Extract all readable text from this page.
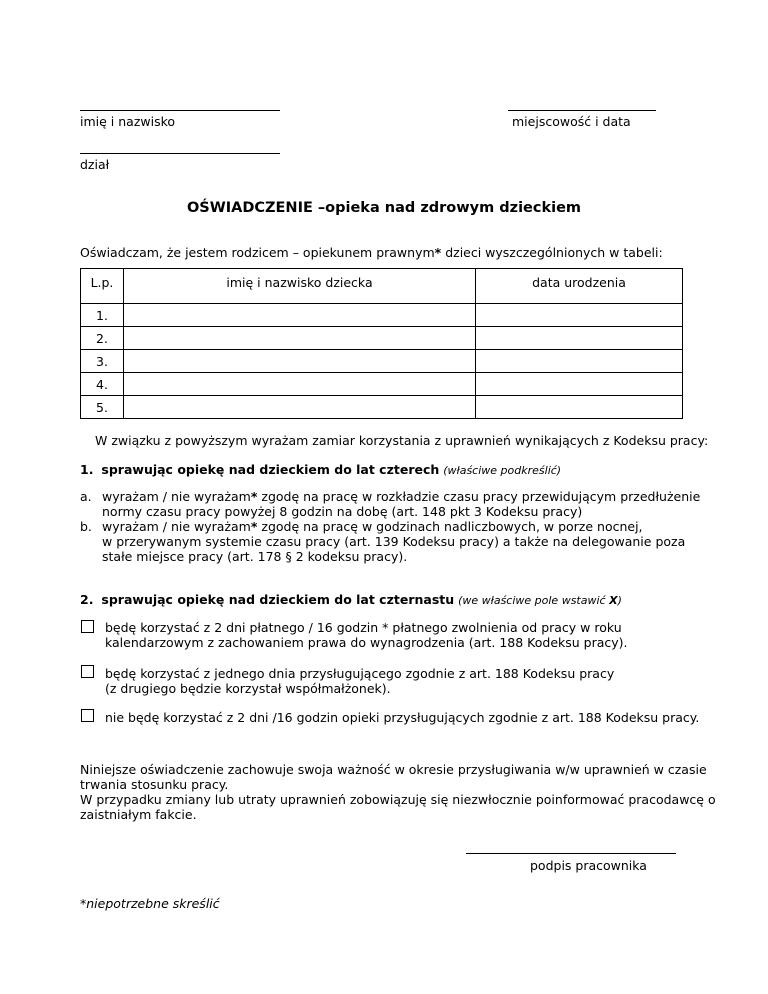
imię i nazwisko	miejscowość i data
dział
OŚWIADCZENIE –opieka nad zdrowym dzieckiem
Oświadczam, że jestem rodzicem – opiekunem prawnym* dzieci wyszczególnionych w tabeli:
L.p.	imię i nazwisko dziecka	data urodzenia
1.		
2.		
3.		
4.		
5.		
W związku z powyższym wyrażam zamiar korzystania z uprawnień wynikających z Kodeksu pracy:
1. sprawując opiekę nad dzieckiem do lat czterech (właściwe podkreślić)
a. wyrażam / nie wyrażam* zgodę na pracę w rozkładzie czasu pracy przewidującym przedłużenie
normy czasu pracy powyżej 8 godzin na dobę (art. 148 pkt 3 Kodeksu pracy)
b. wyrażam / nie wyrażam* zgodę na pracę w godzinach nadliczbowych, w porze nocnej,
w przerywanym systemie czasu pracy (art. 139 Kodeksu pracy) a także na delegowanie poza
stałe miejsce pracy (art. 178 § 2 kodeksu pracy).
2. sprawując opiekę nad dzieckiem do lat czternastu (we właściwe pole wstawić X)
będę korzystać z 2 dni płatnego / 16 godzin * płatnego zwolnienia od pracy w roku
kalendarzowym z zachowaniem prawa do wynagrodzenia (art. 188 Kodeksu pracy).
będę korzystać z jednego dnia przysługującego zgodnie z art. 188 Kodeksu pracy
(z drugiego będzie korzystał współmałżonek).
nie będę korzystać z 2 dni /16 godzin opieki przysługujących zgodnie z art. 188 Kodeksu pracy.
Niniejsze oświadczenie zachowuje swoja ważność w okresie przysługiwania w/w uprawnień w czasie
trwania stosunku pracy.
W przypadku zmiany lub utraty uprawnień zobowiązuję się niezwłocznie poinformować pracodawcę o
zaistniałym fakcie.
podpis pracownika
*niepotrzebne skreślić
